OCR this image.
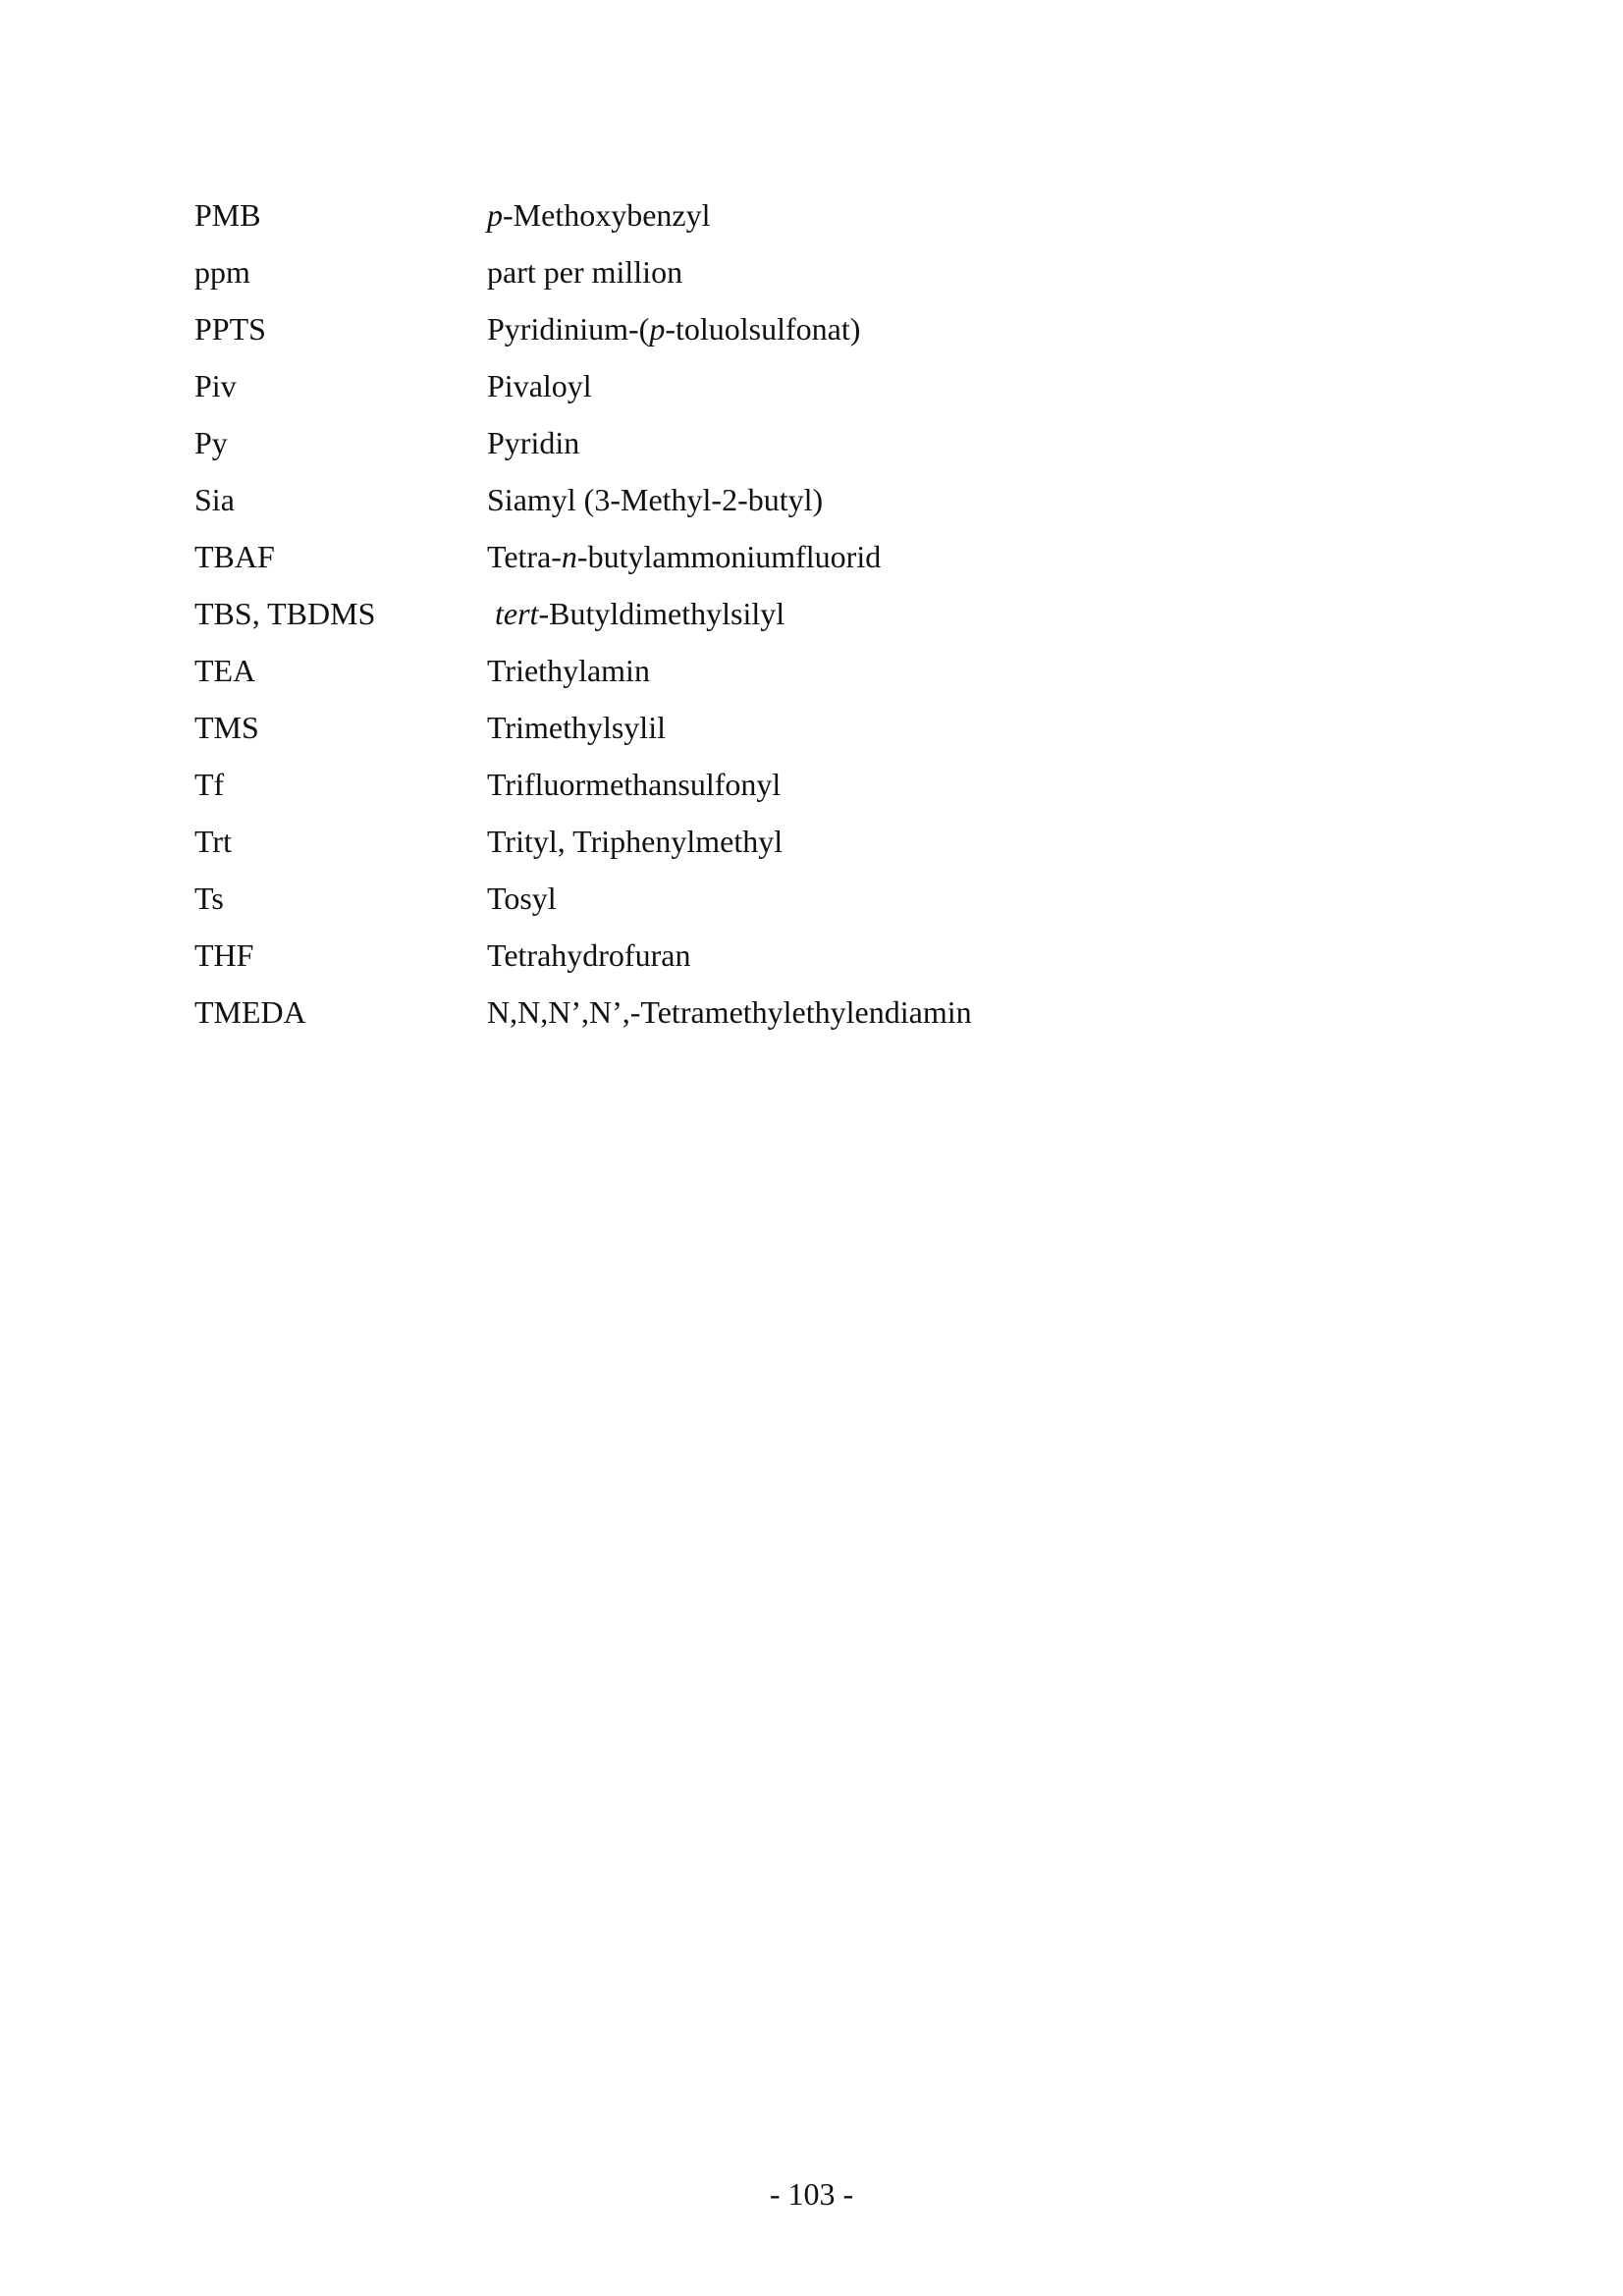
PMB	p-Methoxybenzyl
ppm	part per million
PPTS	Pyridinium-(p-toluolsulfonat)
Piv	Pivaloyl
Py	Pyridin
Sia	Siamyl (3-Methyl-2-butyl)
TBAF	Tetra-n-butylammoniumfluorid
TBS, TBDMS	tert-Butyldimethylsilyl
TEA	Triethylamin
TMS	Trimethylsylil
Tf	Trifluormethansulfonyl
Trt	Trityl, Triphenylmethyl
Ts	Tosyl
THF	Tetrahydrofuran
TMEDA	N,N,N’,N’,-Tetramethylethylendiamin
- 103 -
